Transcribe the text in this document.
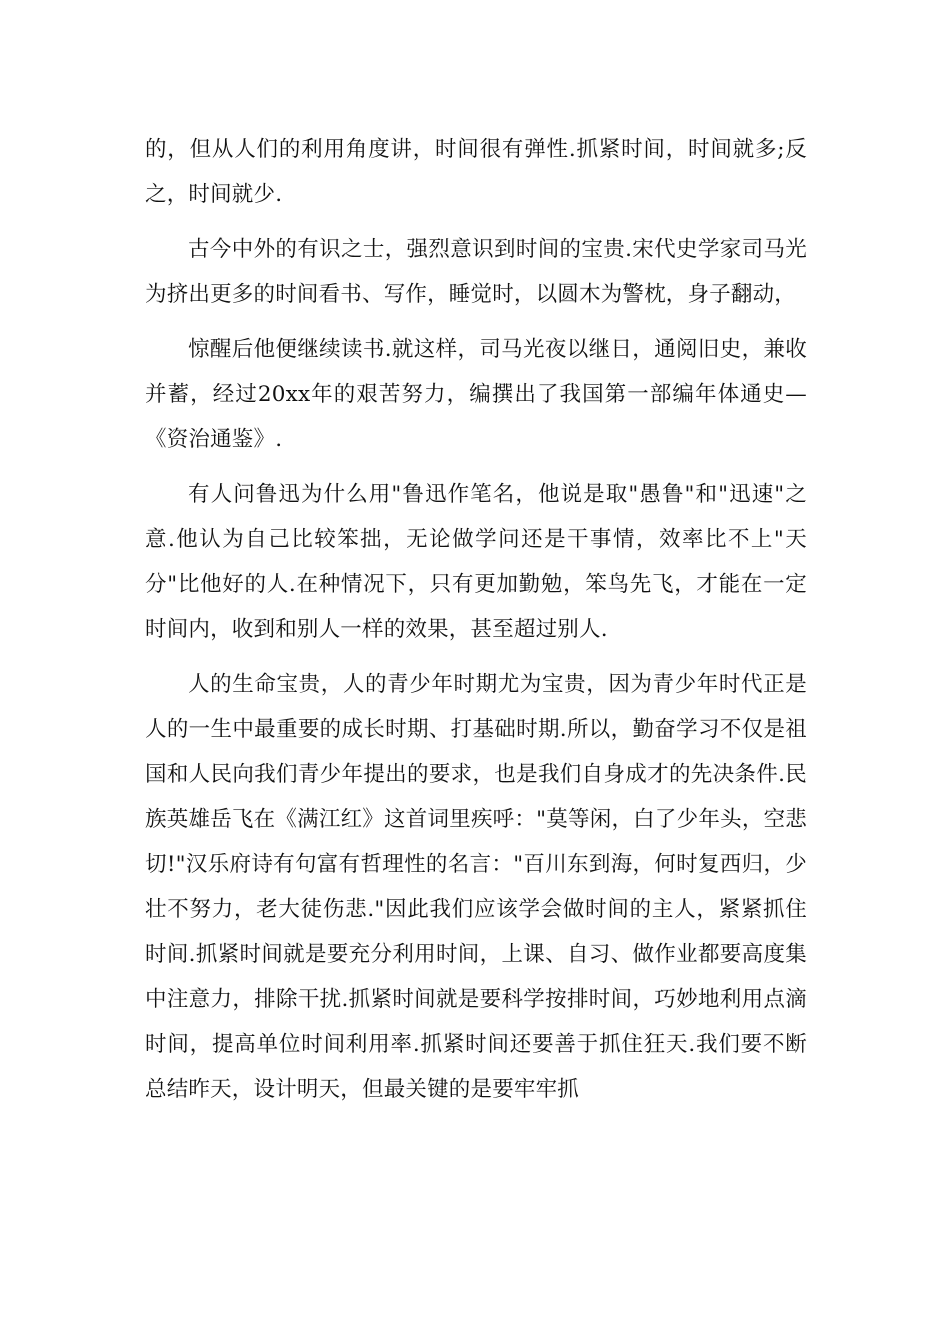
的，但从人们的利用角度讲，时间很有弹性.抓紧时间，时间就多;反之，时间就少.

古今中外的有识之士，强烈意识到时间的宝贵.宋代史学家司马光为挤出更多的时间看书、写作，睡觉时，以圆木为警枕，身子翻动，

惊醒后他便继续读书.就这样，司马光夜以继日，通阅旧史，兼收并蓄，经过20xx年的艰苦努力，编撰出了我国第一部编年体通史—《资治通鉴》.

有人问鲁迅为什么用"鲁迅作笔名，他说是取"愚鲁"和"迅速"之意.他认为自己比较笨拙，无论做学问还是干事情，效率比不上"天分"比他好的人.在种情况下，只有更加勤勉，笨鸟先飞，才能在一定时间内，收到和别人一样的效果，甚至超过别人.

人的生命宝贵，人的青少年时期尤为宝贵，因为青少年时代正是人的一生中最重要的成长时期、打基础时期.所以，勤奋学习不仅是祖国和人民向我们青少年提出的要求，也是我们自身成才的先决条件.民族英雄岳飞在《满江红》这首词里疾呼："莫等闲，白了少年头，空悲切!"汉乐府诗有句富有哲理性的名言："百川东到海，何时复西归，少壮不努力，老大徒伤悲."因此我们应该学会做时间的主人，紧紧抓住时间.抓紧时间就是要充分利用时间，上课、自习、做作业都要高度集中注意力，排除干扰.抓紧时间就是要科学按排时间，巧妙地利用点滴时间，提高单位时间利用率.抓紧时间还要善于抓住狂天.我们要不断总结昨天，设计明天，但最关键的是要牢牢抓
